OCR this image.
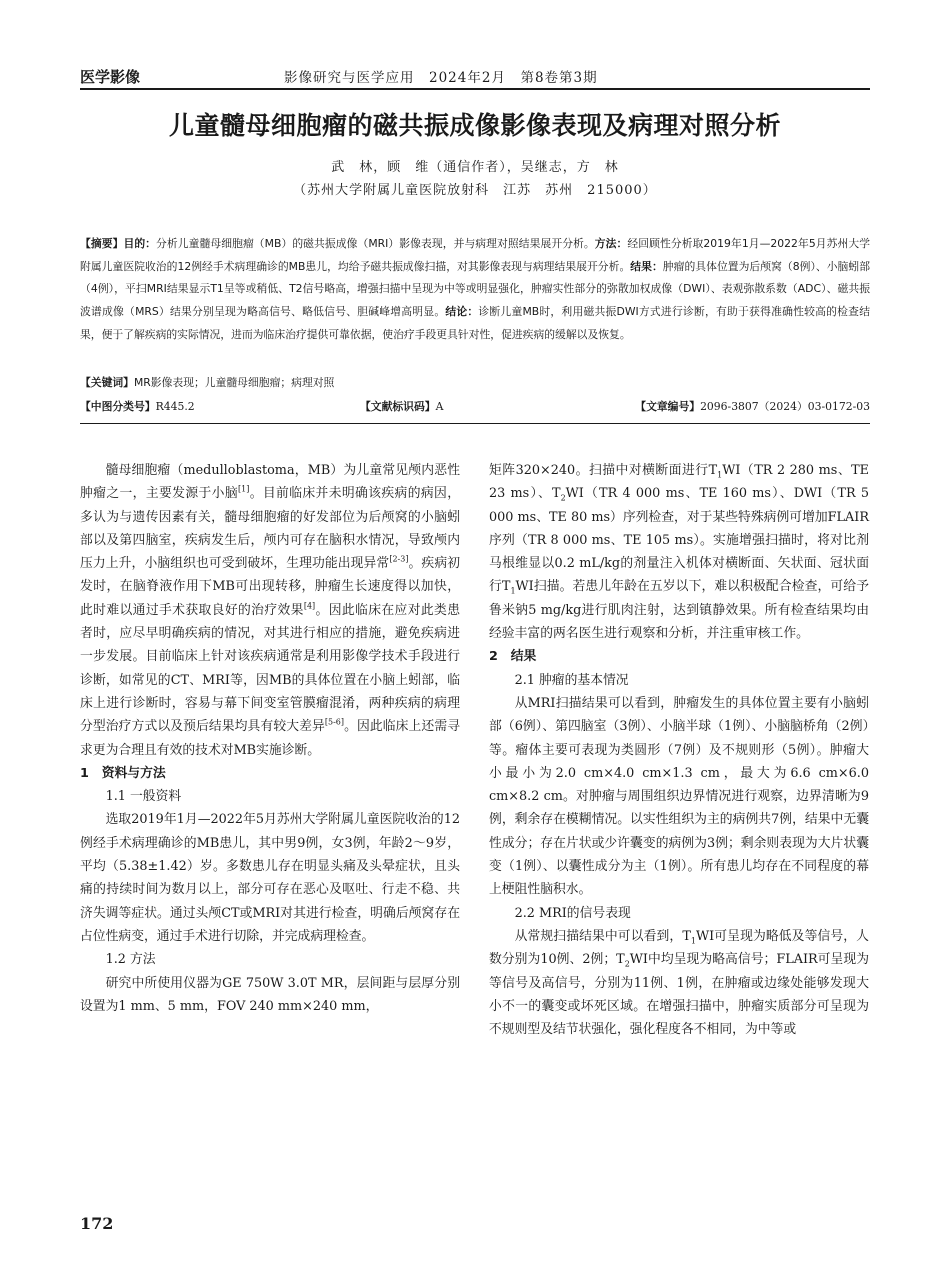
医学影像	影像研究与医学应用　2024年2月　第8卷第3期
儿童髓母细胞瘤的磁共振成像影像表现及病理对照分析
武　林，顾　维（通信作者），吴继志，方　林
（苏州大学附属儿童医院放射科　江苏　苏州　215000）
【摘要】目的：分析儿童髓母细胞瘤（MB）的磁共振成像（MRI）影像表现，并与病理对照结果展开分析。方法：经回顾性分析取2019年1月—2022年5月苏州大学附属儿童医院收治的12例经手术病理确诊的MB患儿，均给予磁共振成像扫描，对其影像表现与病理结果展开分析。结果：肿瘤的具体位置为后颅窝（8例）、小脑蚓部（4例），平扫MRI结果显示T1呈等或稍低、T2信号略高，增强扫描中呈现为中等或明显强化，肿瘤实性部分的弥散加权成像（DWI）、表观弥散系数（ADC）、磁共振波谱成像（MRS）结果分别呈现为略高信号、略低信号、胆碱峰增高明显。结论：诊断儿童MB时，利用磁共振DWI方式进行诊断，有助于获得准确性较高的检查结果，便于了解疾病的实际情况，进而为临床治疗提供可靠依据，使治疗手段更具针对性，促进疾病的缓解以及恢复。
【关键词】MR影像表现；儿童髓母细胞瘤；病理对照
【中图分类号】R445.2	【文献标识码】A	【文章编号】2096-3807（2024）03-0172-03

髓母细胞瘤（medulloblastoma，MB）为儿童常见颅内恶性肿瘤之一，主要发源于小脑[1]。目前临床并未明确该疾病的病因，多认为与遗传因素有关，髓母细胞瘤的好发部位为后颅窝的小脑蚓部以及第四脑室，疾病发生后，颅内可存在脑积水情况，导致颅内压力上升，小脑组织也可受到破坏，生理功能出现异常[2-3]。疾病初发时，在脑脊液作用下MB可出现转移，肿瘤生长速度得以加快，此时难以通过手术获取良好的治疗效果[4]。因此临床在应对此类患者时，应尽早明确疾病的情况，对其进行相应的措施，避免疾病进一步发展。目前临床上针对该疾病通常是利用影像学技术手段进行诊断，如常见的CT、MRI等，因MB的具体位置在小脑上蚓部，临床上进行诊断时，容易与幕下间变室管膜瘤混淆，两种疾病的病理分型治疗方式以及预后结果均具有较大差异[5-6]。因此临床上还需寻求更为合理且有效的技术对MB实施诊断。

1　资料与方法
1.1 一般资料

选取2019年1月—2022年5月苏州大学附属儿童医院收治的12例经手术病理确诊的MB患儿，其中男9例，女3例，年龄2～9岁，平均（5.38±1.42）岁。多数患儿存在明显头痛及头晕症状，且头痛的持续时间为数月以上，部分可存在恶心及呕吐、行走不稳、共济失调等症状。通过头颅CT或MRI对其进行检查，明确后颅窝存在占位性病变，通过手术进行切除，并完成病理检查。

1.2 方法

研究中所使用仪器为GE 750W 3.0T MR，层间距与层厚分别设置为1 mm、5 mm，FOV 240 mm×240 mm，

矩阵320×240。扫描中对横断面进行$T_1WI(TR$ 2 280 ms、TE 23 ms）、$T_2WI(TR$ 4 000 ms、TE 160 ms）、DWI（TR 5 000 ms、TE 80 ms）序列检查，对于某些特殊病例可增加FLAIR序列（TR 8 000 ms、TE 105 ms）。实施增强扫描时，将对比剂马根维显以0.2 mL/kg的剂量注入机体对横断面、矢状面、冠状面行$T_1WI$扫描。若患儿年龄在五岁以下，难以积极配合检查，可给予鲁米钠5 mg/kg进行肌肉注射，达到镇静效果。所有检查结果均由经验丰富的两名医生进行观察和分析，并注重审核工作。

2　结果
2.1 肿瘤的基本情况

从MRI扫描结果可以看到，肿瘤发生的具体位置主要有小脑蚓部（6例）、第四脑室（3例）、小脑半球（1例）、小脑脑桥角（2例）等。瘤体主要可表现为类圆形（7例）及不规则形（5例）。肿瘤大小最小为2.0 cm×4.0 cm×1.3 cm，最大为6.6 cm×6.0 cm×8.2 cm。对肿瘤与周围组织边界情况进行观察，边界清晰为9例，剩余存在模糊情况。以实性组织为主的病例共7例，结果中无囊性成分；存在片状或少许囊变的病例为3例；剩余则表现为大片状囊变（1例）、以囊性成分为主（1例）。所有患儿均存在不同程度的幕上梗阻性脑积水。

2.2 MRI的信号表现

从常规扫描结果中可以看到，$T_1WI$可呈现为略低及等信号，人数分别为10例、2例；$T_2WI$中均呈现为略高信号；FLAIR可呈现为等信号及高信号，分别为11例、1例，在肿瘤或边缘处能够发现大小不一的囊变或坏死区域。在增强扫描中，肿瘤实质部分可呈现为不规则型及结节状强化，强化程度各不相同，为中等或

172
